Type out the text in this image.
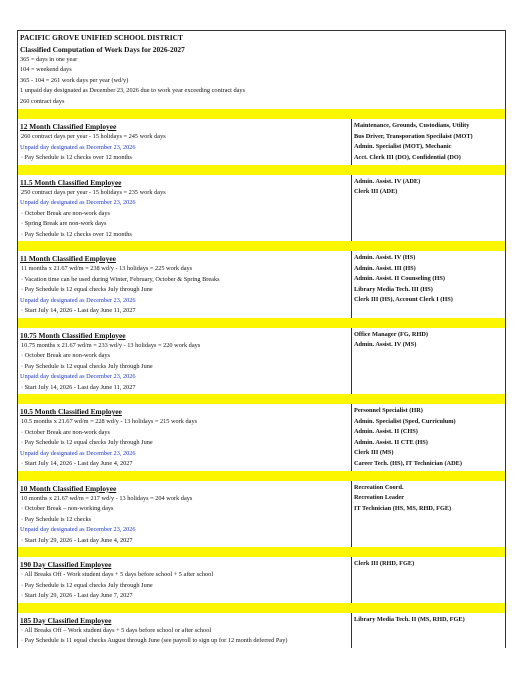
PACIFIC GROVE UNIFIED SCHOOL DISTRICT
Classified Computation of Work Days for 2026-2027
365 = days in one year
104 = weekend days
365 - 104 = 261 work days per year (wd/y)
1 unpaid day designated as December 23, 2026 due to work year exceeding contract days
260 contract days
12 Month Classified Employee
260 contract days per year - 15 holidays = 245 work days
Unpaid day designated as December 23, 2026
· Pay Schedule is 12 checks over 12 months
Maintenance, Grounds, Custodians, Utility
Bus Driver, Transporation Specilaist (MOT)
Admin. Specialist (MOT), Mechanic
Acct. Clerk III (DO), Confidential (DO)
11.5 Month Classified Employee
250 contract days per year - 15 holidays = 235 work days
Unpaid day designated as December 23, 2026
· October Break are non-work days
· Spring Break are non-work days
· Pay Schedule is 12 checks over 12 months
Admin. Assist. IV (ADE)
Clerk III (ADE)
11 Month Classified Employee
11 months x 21.67 wd/m = 238 wd/y - 13 holidays = 225 work days
· Vacation time can be used during Winter, February, October & Spring Breaks
· Pay Schedule is 12 equal checks July through June
Unpaid day designated as December 23, 2026
· Start July 14, 2026 - Last day June 11, 2027
Admin. Assist. IV (HS)
Admin. Assist. III (HS)
Admin. Assist. II Counseling (HS)
Library Media Tech. III (HS)
Clerk III (HS), Account Clerk I (HS)
10.75 Month Classified Employee
10.75 months x 21.67 wd/m = 233 wd/y - 13 holidays = 220 work days
· October Break are non-work days
· Pay Schedule is 12 equal checks July through June
Unpaid day designated as December 23, 2026
· Start July 14, 2026 - Last day June 11, 2027
Office Manager (FG, RHD)
Admin. Assist. IV (MS)
10.5 Month Classified Employee
10.5 months x 21.67 wd/m = 228 wd/y - 13 holidays = 215 work days
· October Break are non-work days
· Pay Schedule is 12 equal checks July through June
Unpaid day designated as December 23, 2026
· Start July 14, 2026 - Last day June 4, 2027
Personnel Specialist (HR)
Admin. Specialist (Sped, Curriculum)
Admin. Assist. II (CHS)
Admin. Assist. II CTE (HS)
Clerk III (MS)
Career Tech. (HS), IT Technician (ADE)
10 Month Classified Employee
10 months x 21.67 wd/m = 217 wd/y - 13 holidays = 204 work days
· October Break – non-working days
· Pay Schedule is 12 checks
Unpaid day designated as December 23, 2026
· Start July 29, 2026 - Last day June 4, 2027
Recreation Coord.
Recreation Leader
IT Technician (HS, MS, RHD, FGE)
190 Day Classified Employee
· All Breaks Off - Work student days + 5 days before school + 5 after school
· Pay Schedule is 12 equal checks July through June
· Start July 29, 2026 - Last day June 7, 2027
Clerk III (RHD, FGE)
185 Day Classified Employee
· All Breaks Off – Work student days + 5 days before school or after school
· Pay Schedule is 11 equal checks August through June (see payroll to sign up for 12 month deferred Pay)
Library Media Tech. II (MS, RHD, FGE)
